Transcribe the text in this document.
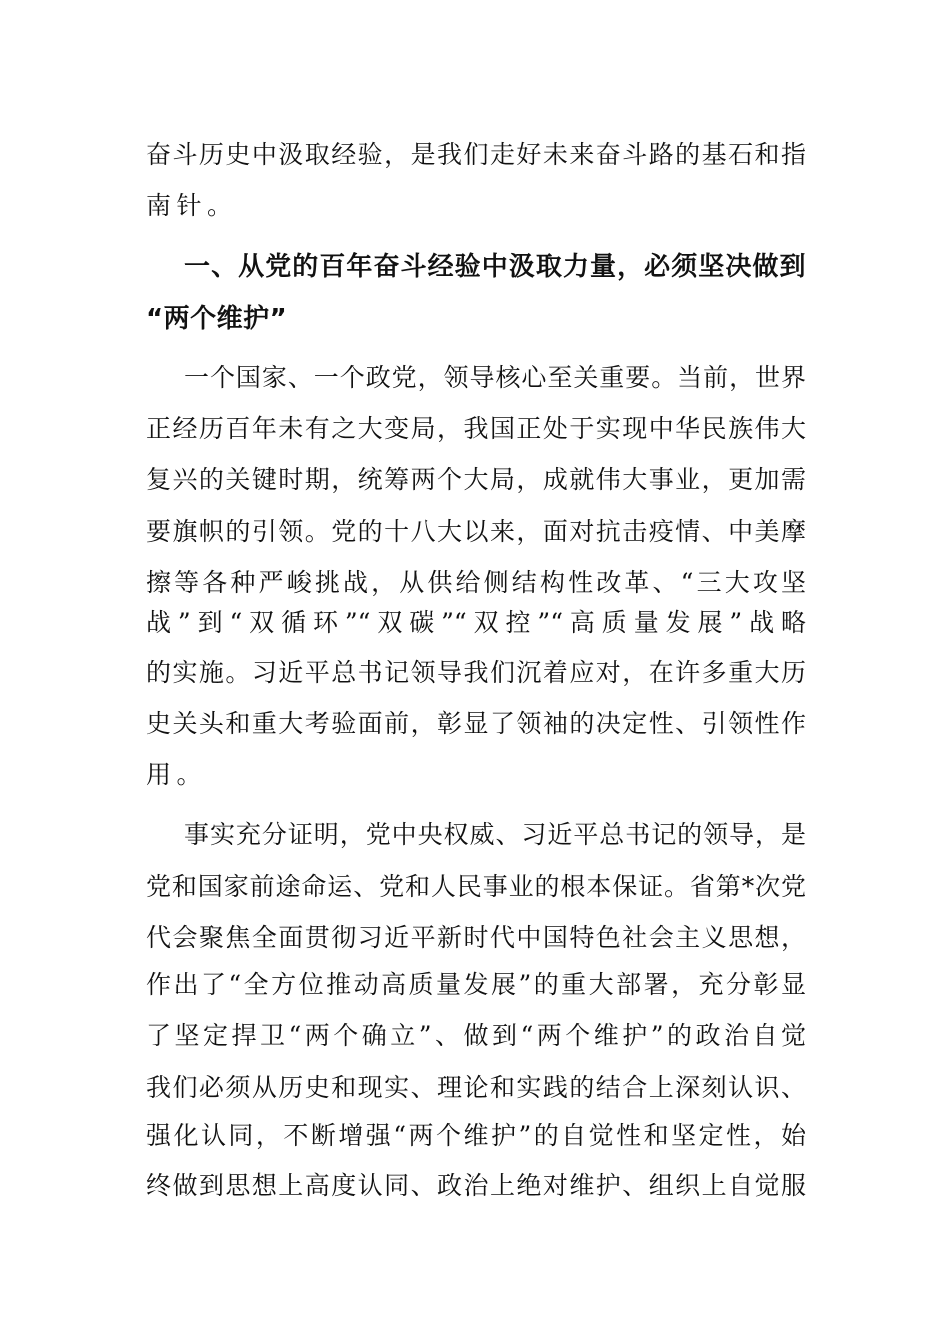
奋斗历史中汲取经验，是我们走好未来奋斗路的基石和指

南针。

一、从党的百年奋斗经验中汲取力量，必须坚决做到

“两个维护”

一个国家、一个政党，领导核心至关重要。当前，世界

正经历百年未有之大变局，我国正处于实现中华民族伟大

复兴的关键时期，统筹两个大局，成就伟大事业，更加需

要旗帜的引领。党的十八大以来，面对抗击疫情、中美摩

擦等各种严峻挑战，从供给侧结构性改革、“三大攻坚

战”到“双循环”“双碳”“双控”“高质量发展”战略

的实施。习近平总书记领导我们沉着应对，在许多重大历

史关头和重大考验面前，彰显了领袖的决定性、引领性作

用。

事实充分证明，党中央权威、习近平总书记的领导，是

党和国家前途命运、党和人民事业的根本保证。省第*次党

代会聚焦全面贯彻习近平新时代中国特色社会主义思想，

作出了“全方位推动高质量发展”的重大部署，充分彰显

了坚定捍卫“两个确立”、做到“两个维护”的政治自觉

我们必须从历史和现实、理论和实践的结合上深刻认识、

强化认同，不断增强“两个维护”的自觉性和坚定性，始

终做到思想上高度认同、政治上绝对维护、组织上自觉服
